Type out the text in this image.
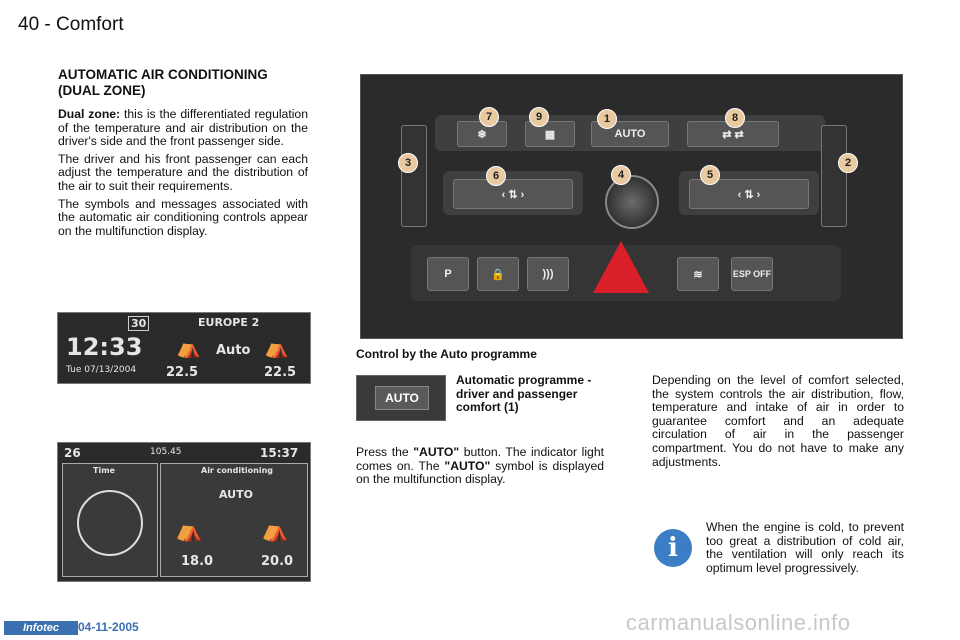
40 - Comfort
AUTOMATIC AIR CONDITIONING (DUAL ZONE)

Dual zone: this is the differentiated regulation of the temperature and air distribution on the driver's side and the front passenger side.

The driver and his front passenger can each adjust the temperature and the distribution of the air to suit their requirements.

The symbols and messages associated with the automatic air conditioning controls appear on the multifunction display.

❄	▦	AUTO	⇄ ⇄
‹ ⇅ ›	‹ ⇅ ›
P	🔒	)))	≋	ESP OFF
7	9	1	8
3
6	4	5
2
Control by the Auto programme
30	EUROPE 2
12:33 ⛺ Auto ⛺
Tue 07/13/2004 22.5	22.5
26	105.45	15:37
Time	Air conditioning
AUTO
⛺	⛺
18.0	20.0
AUTO
Automatic programme - driver and passenger comfort (1)
Press the "AUTO" button. The indicator light comes on. The "AUTO" symbol is displayed on the multifunction display.
Depending on the level of comfort selected, the system controls the air distribution, flow, temperature and intake of air in order to guarantee comfort and an adequate circulation of air in the passenger compartment. You do not have to make any adjustments.
i
When the engine is cold, to prevent too great a distribution of cold air, the ventilation will only reach its optimum level progressively.
Infotec	04-11-2005	carmanualsonline.info
